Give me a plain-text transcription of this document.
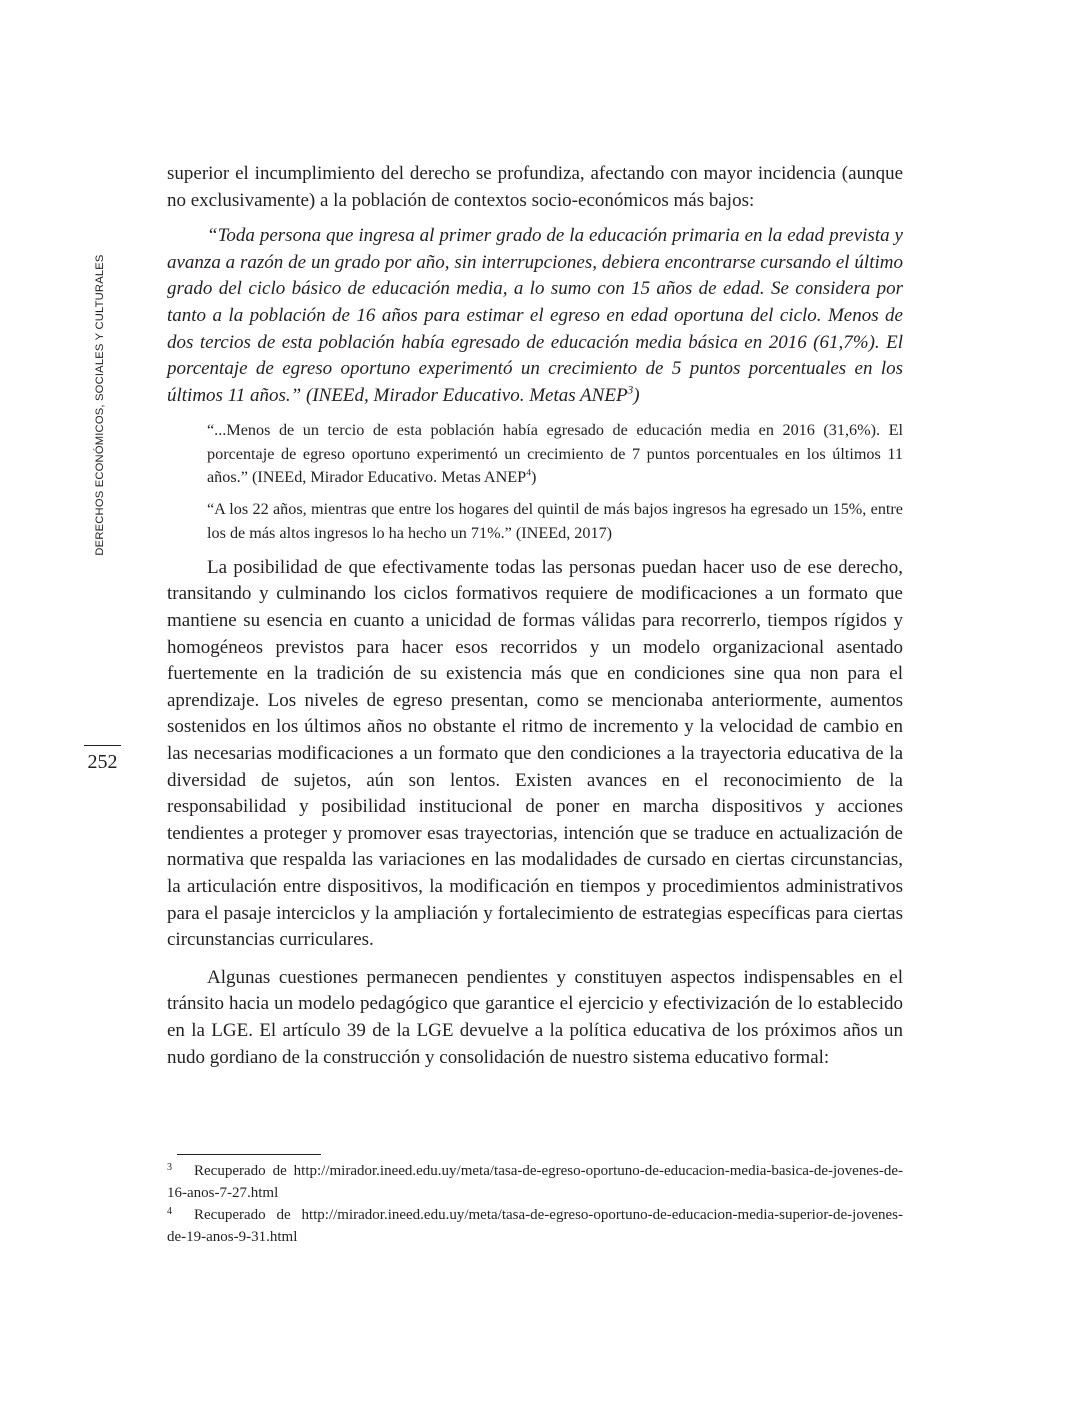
DERECHOS ECONÓMICOS, SOCIALES Y CULTURALES
252

superior el incumplimiento del derecho se profundiza, afectando con mayor incidencia (aunque no exclusivamente) a la población de contextos socio-económicos más bajos:

“Toda persona que ingresa al primer grado de la educación primaria en la edad prevista y avanza a razón de un grado por año, sin interrupciones, debiera encontrarse cursando el último grado del ciclo básico de educación media, a lo sumo con 15 años de edad. Se considera por tanto a la población de 16 años para estimar el egreso en edad oportuna del ciclo. Menos de dos tercios de esta población había egresado de educación media básica en 2016 (61,7%). El porcentaje de egreso oportuno experimentó un crecimiento de 5 puntos porcentuales en los últimos 11 años.” (INEEd, Mirador Educativo. Metas ANEP$^3$)

“...Menos de un tercio de esta población había egresado de educación media en 2016 (31,6%). El porcentaje de egreso oportuno experimentó un crecimiento de 7 puntos porcentuales en los últimos 11 años.” (INEEd, Mirador Educativo. Metas ANEP$^4$)

“A los 22 años, mientras que entre los hogares del quintil de más bajos ingresos ha egresado un 15%, entre los de más altos ingresos lo ha hecho un 71%.” (INEEd, 2017)

La posibilidad de que efectivamente todas las personas puedan hacer uso de ese derecho, transitando y culminando los ciclos formativos requiere de modificaciones a un formato que mantiene su esencia en cuanto a unicidad de formas válidas para recorrerlo, tiempos rígidos y homogéneos previstos para hacer esos recorridos y un modelo organizacional asentado fuertemente en la tradición de su existencia más que en condiciones sine qua non para el aprendizaje. Los niveles de egreso presentan, como se mencionaba anteriormente, aumentos sostenidos en los últimos años no obstante el ritmo de incremento y la velocidad de cambio en las necesarias modificaciones a un formato que den condiciones a la trayectoria educativa de la diversidad de sujetos, aún son lentos. Existen avances en el reconocimiento de la responsabilidad y posibilidad institucional de poner en marcha dispositivos y acciones tendientes a proteger y promover esas trayectorias, intención que se traduce en actualización de normativa que respalda las variaciones en las modalidades de cursado en ciertas circunstancias, la articulación entre dispositivos, la modificación en tiempos y procedimientos administrativos para el pasaje interciclos y la ampliación y fortalecimiento de estrategias específicas para ciertas circunstancias curriculares.

Algunas cuestiones permanecen pendientes y constituyen aspectos indispensables en el tránsito hacia un modelo pedagógico que garantice el ejercicio y efectivización de lo establecido en la LGE. El artículo 39 de la LGE devuelve a la política educativa de los próximos años un nudo gordiano de la construcción y consolidación de nuestro sistema educativo formal:

3 Recuperado de http://mirador.ineed.edu.uy/meta/tasa-de-egreso-oportuno-de-educacion-media-basica-de-jovenes-de-16-anos-7-27.html
4 Recuperado de http://mirador.ineed.edu.uy/meta/tasa-de-egreso-oportuno-de-educacion-media-superior-de-jovenes-de-19-anos-9-31.html
